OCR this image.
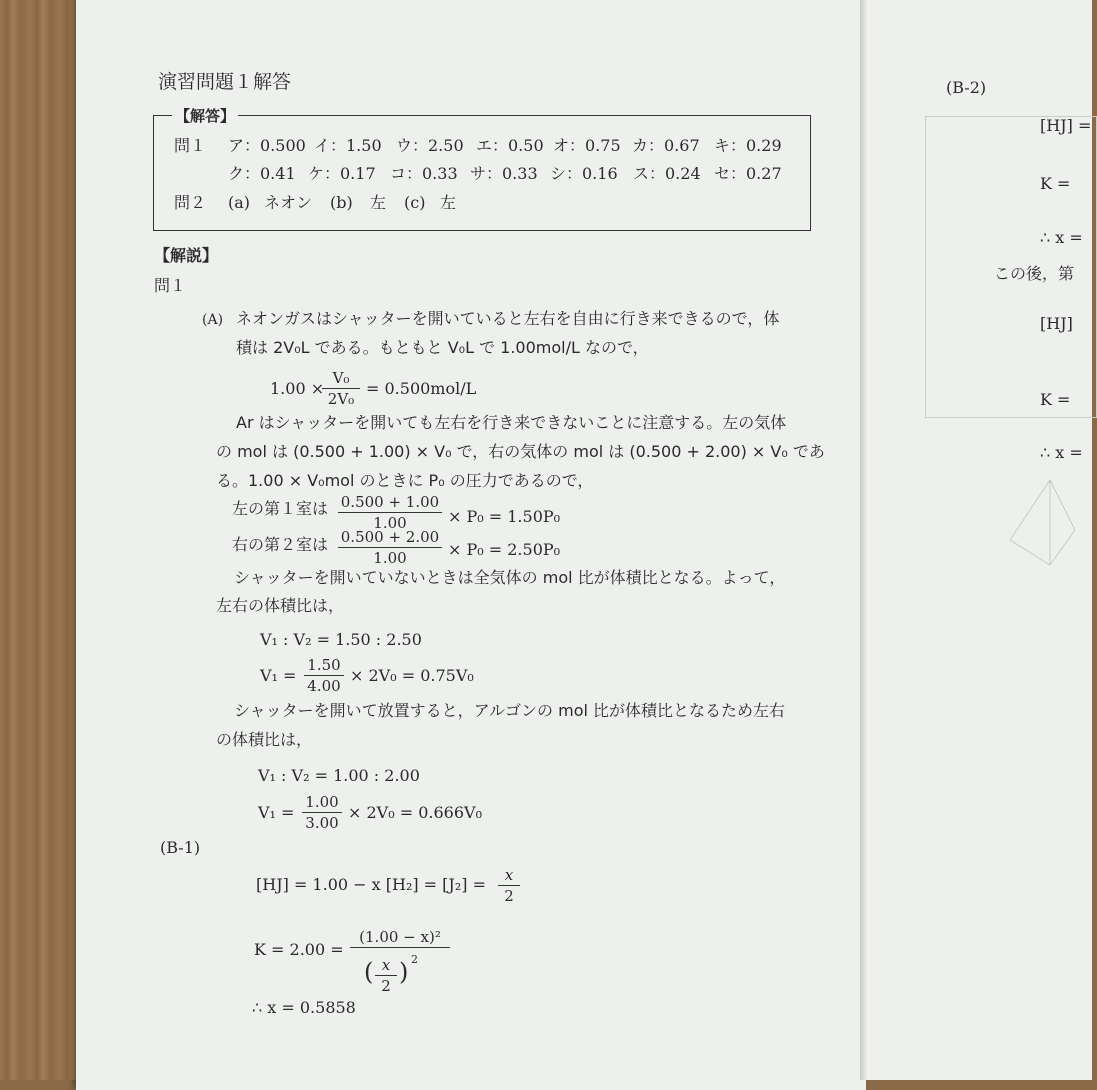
演習問題１解答
【解答】
問１ ア：0.500 イ：1.50 ウ：2.50 エ：0.50 オ：0.75 カ：0.67 キ：0.29
ク：0.41 ケ：0.17 コ：0.33 サ：0.33 シ：0.16 ス：0.24 セ：0.27
問２ (a) ネオン (b) 左 (c) 左
【解説】
問１
(A) ネオンガスはシャッターを開いていると左右を自由に行き来できるので，体
積は 2V₀L である。もともと V₀L で 1.00mol/L なので，
1.00 ×
V₀
2V₀
= 0.500mol/L
Ar はシャッターを開いても左右を行き来できないことに注意する。左の気体
の mol は (0.500 + 1.00) × V₀ で，右の気体の mol は (0.500 + 2.00) × V₀ であ
る。1.00 × V₀mol のときに P₀ の圧力であるので，
左の第１室は 0.500 + 1.00
1.00	× P₀ = 1.50P₀
右の第２室は 0.500 + 2.00
1.00	× P₀ = 2.50P₀
シャッターを開いていないときは全気体の mol 比が体積比となる。よって，
左右の体積比は，
V₁ : V₂ = 1.50 : 2.50
V₁ =
1.50
4.00
× 2V₀ = 0.75V₀
シャッターを開いて放置すると，アルゴンの mol 比が体積比となるため左右
の体積比は，
V₁ : V₂ = 1.00 : 2.00
V₁ =
1.00
3.00
× 2V₀ = 0.666V₀
(B-1)
[HJ] = 1.00 − x [H₂] = [J₂] =	x
2
K = 2.00 =
(1.00 − x)²
( x
2 ) 2
∴ x = 0.5858
(B-2)
[HJ] =
K =
∴ x =
この後，第
[HJ]
K =
∴ x =
